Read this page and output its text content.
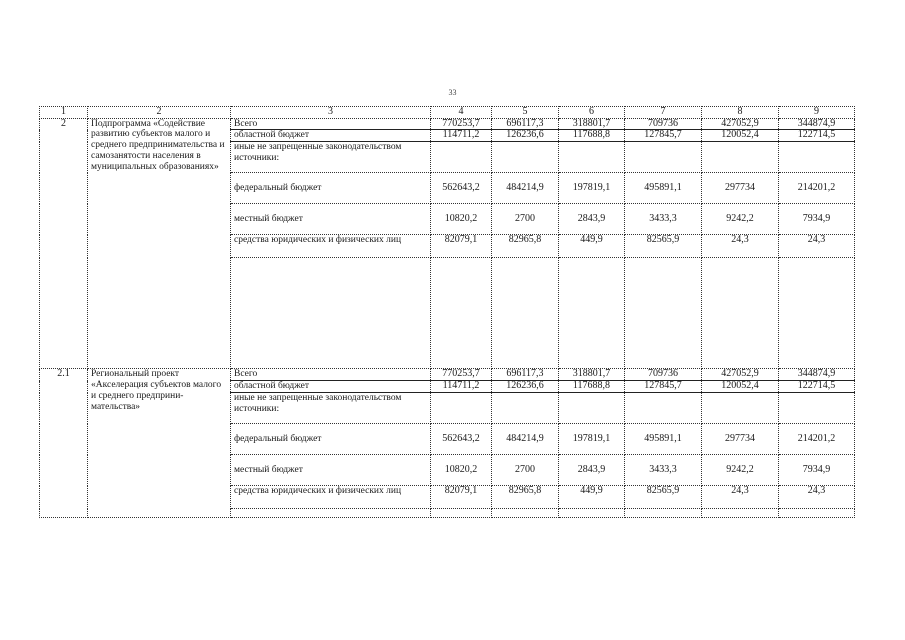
33
1	2	3	4	5	6	7	8	9
2	Подпрограмма «Содействие развитию субъектов малого и среднего предпринимательства и самозанятости населения в муниципальных образованиях»	Всего	770253,7	696117,3	318801,7	709736	427052,9	344874,9
		областной бюджет	114711,2	126236,6	117688,8	127845,7	120052,4	122714,5
		иные не запрещенные законодательством источники:						
		федеральный бюджет	562643,2	484214,9	197819,1	495891,1	297734	214201,2
		местный бюджет	10820,2	2700	2843,9	3433,3	9242,2	7934,9
		средства юридических и физических лиц	82079,1	82965,8	449,9	82565,9	24,3	24,3

2.1	Региональный проект «Акселерация субъектов малого и среднего предприни-мательства»	Всего	770253,7	696117,3	318801,7	709736	427052,9	344874,9
		областной бюджет	114711,2	126236,6	117688,8	127845,7	120052,4	122714,5
		иные не запрещенные законодательством источники:						
		федеральный бюджет	562643,2	484214,9	197819,1	495891,1	297734	214201,2
		местный бюджет	10820,2	2700	2843,9	3433,3	9242,2	7934,9
		средства юридических и физических лиц	82079,1	82965,8	449,9	82565,9	24,3	24,3
